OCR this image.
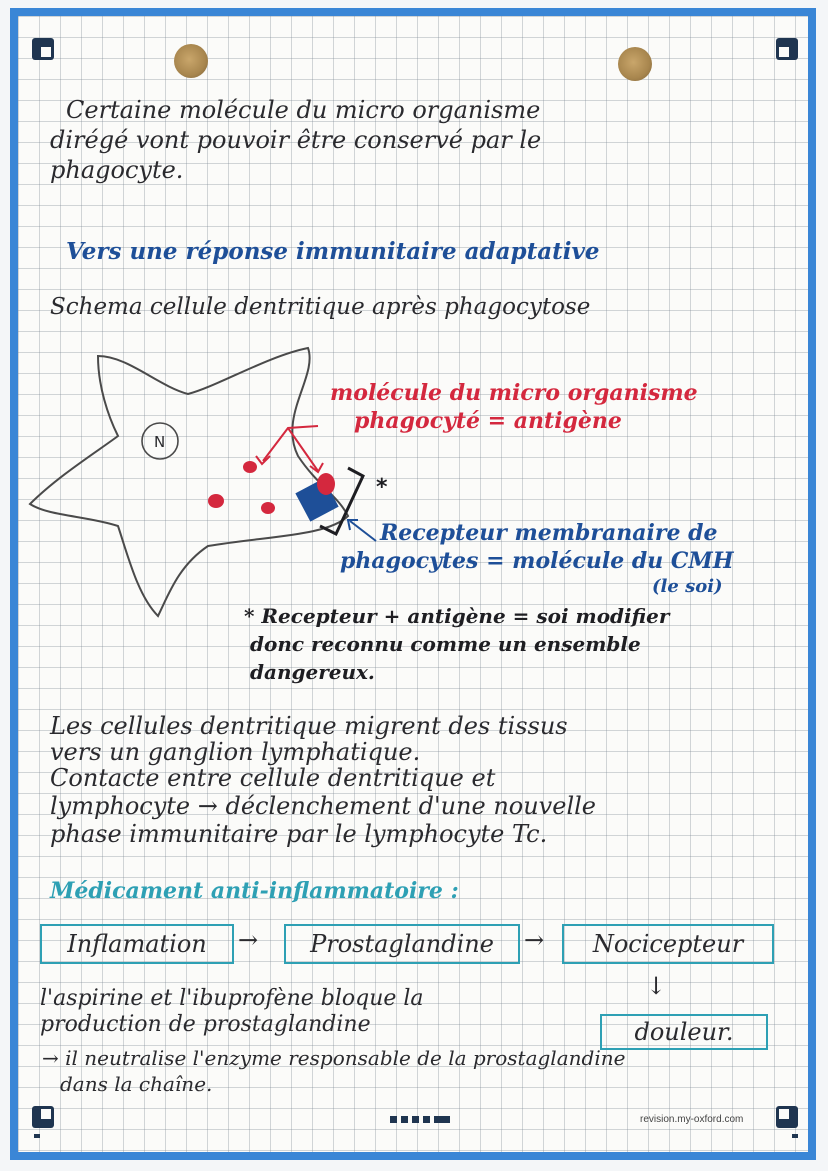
Certaine molécule du micro organisme
dirégé vont pouvoir être conservé par le
phagocyte.
Vers une réponse immunitaire adaptative
Schema cellule dentritique après phagocytose
N
*
molécule du micro organisme
phagocyté = antigène
Recepteur membranaire de
phagocytes = molécule du CMH
(le soi)
* Recepteur + antigène = soi modifier
donc reconnu comme un ensemble
dangereux.
Les cellules dentritique migrent des tissus
vers un ganglion lymphatique.
Contacte entre cellule dentritique et
lymphocyte → déclenchement d'une nouvelle
phase immunitaire par le lymphocyte Tc.
Médicament anti-inflammatoire :
Inflamation	→	Prostaglandine	→	Nocicepteur
↓
douleur.
l'aspirine et l'ibuprofène bloque la
production de prostaglandine
→ il neutralise l'enzyme responsable de la prostaglandine
dans la chaîne.
revision.my-oxford.com
